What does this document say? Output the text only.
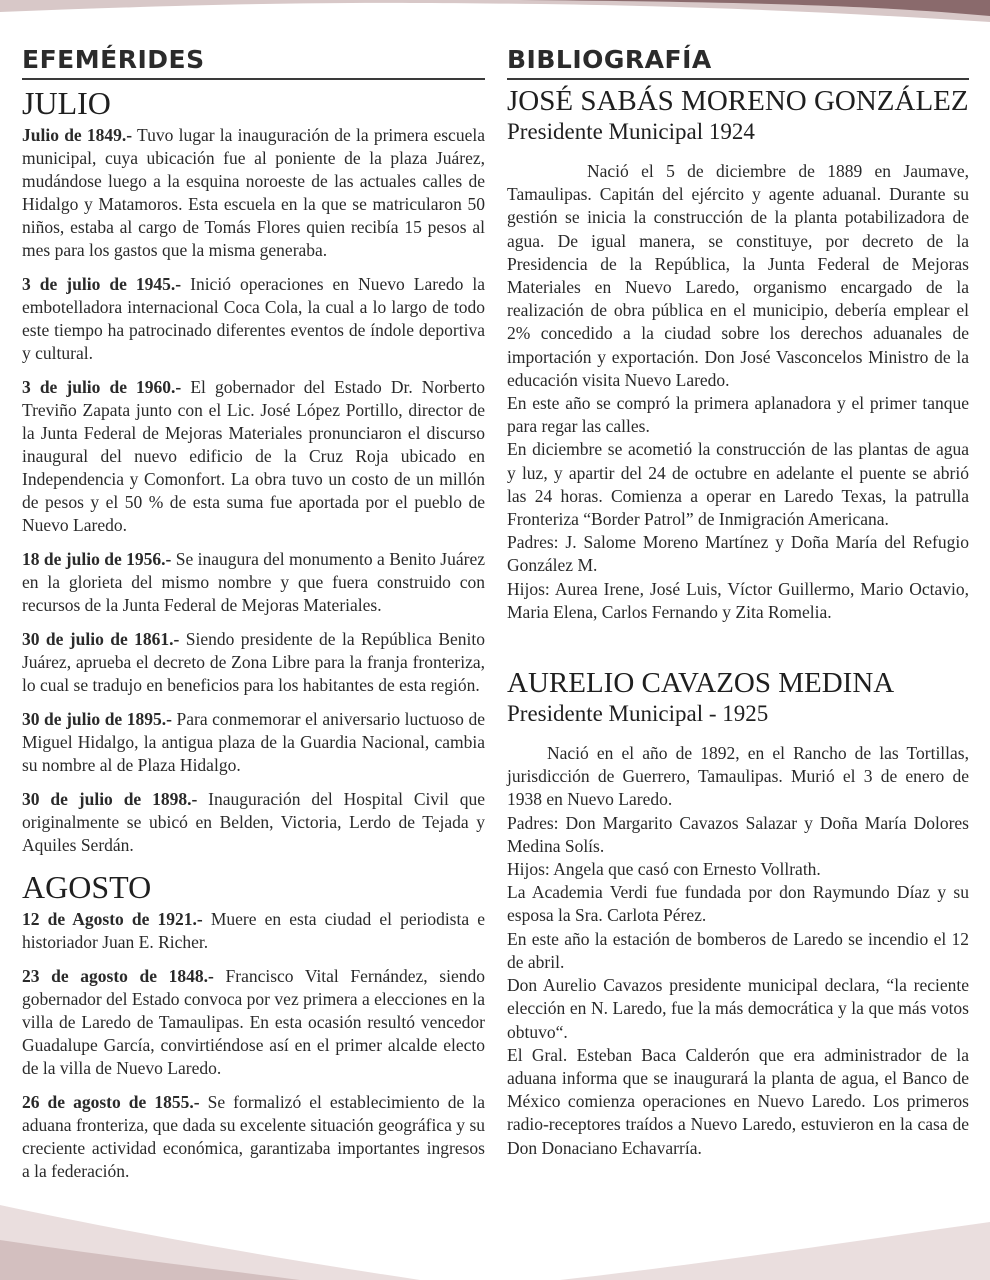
efemérides
JULIO

Julio de 1849.- Tuvo lugar la inauguración de la primera escuela municipal, cuya ubicación fue al poniente de la plaza Juárez, mudándose luego a la esquina noroeste de las actuales calles de Hidalgo y Matamoros. Esta escuela en la que se matricularon 50 niños, estaba al cargo de Tomás Flores quien recibía 15 pesos al mes para los gastos que la misma generaba.

3 de julio de 1945.- Inició operaciones en Nuevo Laredo la embotelladora internacional Coca Cola, la cual a lo largo de todo este tiempo ha patrocinado diferentes eventos de índole deportiva y cultural.

3 de julio de 1960.- El gobernador del Estado Dr. Norberto Treviño Zapata junto con el Lic. José López Portillo, director de la Junta Federal de Mejoras Materiales pronunciaron el discurso inaugural del nuevo edificio de la Cruz Roja ubicado en Independencia y Comonfort. La obra tuvo un costo de un millón de pesos y el 50 % de esta suma fue aportada por el pueblo de Nuevo Laredo.

18 de julio de 1956.- Se inaugura del monumento a Benito Juárez en la glorieta del mismo nombre y que fuera construido con recursos de la Junta Federal de Mejoras Materiales.

30 de julio de 1861.- Siendo presidente de la República Benito Juárez, aprueba el decreto de Zona Libre para la franja fronteriza, lo cual se tradujo en beneficios para los habitantes de esta región.

30 de julio de 1895.- Para conmemorar el aniversario luctuoso de Miguel Hidalgo, la antigua plaza de la Guardia Nacional, cambia su nombre al de Plaza Hidalgo.

30 de julio de 1898.- Inauguración del Hospital Civil que originalmente se ubicó en Belden, Victoria, Lerdo de Tejada y Aquiles Serdán.

AGOSTO

12 de Agosto de 1921.- Muere en esta ciudad el periodista e historiador Juan E. Richer.

23 de agosto de 1848.- Francisco Vital Fernández, siendo gobernador del Estado convoca por vez primera a elecciones en la villa de Laredo de Tamaulipas. En esta ocasión resultó vencedor Guadalupe García, convirtiéndose así en el primer alcalde electo de la villa de Nuevo Laredo.

26 de agosto de 1855.- Se formalizó el establecimiento de la aduana fronteriza, que dada su excelente situación geográfica y su creciente actividad económica, garantizaba importantes ingresos a la federación.

bibliografía
JOSÉ SABÁS MORENO GONZÁLEZ
Presidente Municipal 1924

Nació el 5 de diciembre de 1889 en Jaumave, Tamaulipas. Capitán del ejército y agente aduanal. Durante su gestión se inicia la construcción de la planta potabilizadora de agua. De igual manera, se constituye, por decreto de la Presidencia de la República, la Junta Federal de Mejoras Materiales en Nuevo Laredo, organismo encargado de la realización de obra pública en el municipio, debería emplear el 2% concedido a la ciudad sobre los derechos aduanales de importación y exportación. Don José Vasconcelos Ministro de la educación visita Nuevo Laredo.

En este año se compró la primera aplanadora y el primer tanque para regar las calles.

En diciembre se acometió la construcción de las plantas de agua y luz, y apartir del 24 de octubre en adelante el puente se abrió las 24 horas. Comienza a operar en Laredo Texas, la patrulla Fronteriza “Border Patrol” de Inmigración Americana.

Padres: J. Salome Moreno Martínez y Doña María del Refugio González M.

Hijos: Aurea Irene, José Luis, Víctor Guillermo, Mario Octavio, Maria Elena, Carlos Fernando y Zita Romelia.

AURELIO CAVAZOS MEDINA
Presidente Municipal - 1925

Nació en el año de 1892, en el Rancho de las Tortillas, jurisdicción de Guerrero, Tamaulipas. Murió el 3 de enero de 1938 en Nuevo Laredo.

Padres: Don Margarito Cavazos Salazar y Doña María Dolores Medina Solís.

Hijos: Angela que casó con Ernesto Vollrath.

La Academia Verdi fue fundada por don Raymundo Díaz y su esposa la Sra. Carlota Pérez.

En este año la estación de bomberos de Laredo se incendio el 12 de abril.

Don Aurelio Cavazos presidente municipal declara, “la reciente elección en N. Laredo, fue la más democrática y la que más votos obtuvo“.

El Gral. Esteban Baca Calderón que era administrador de la aduana informa que se inaugurará la planta de agua, el Banco de México comienza operaciones en Nuevo Laredo. Los primeros radio-receptores traídos a Nuevo Laredo, estuvieron en la casa de Don Donaciano Echavarría.
